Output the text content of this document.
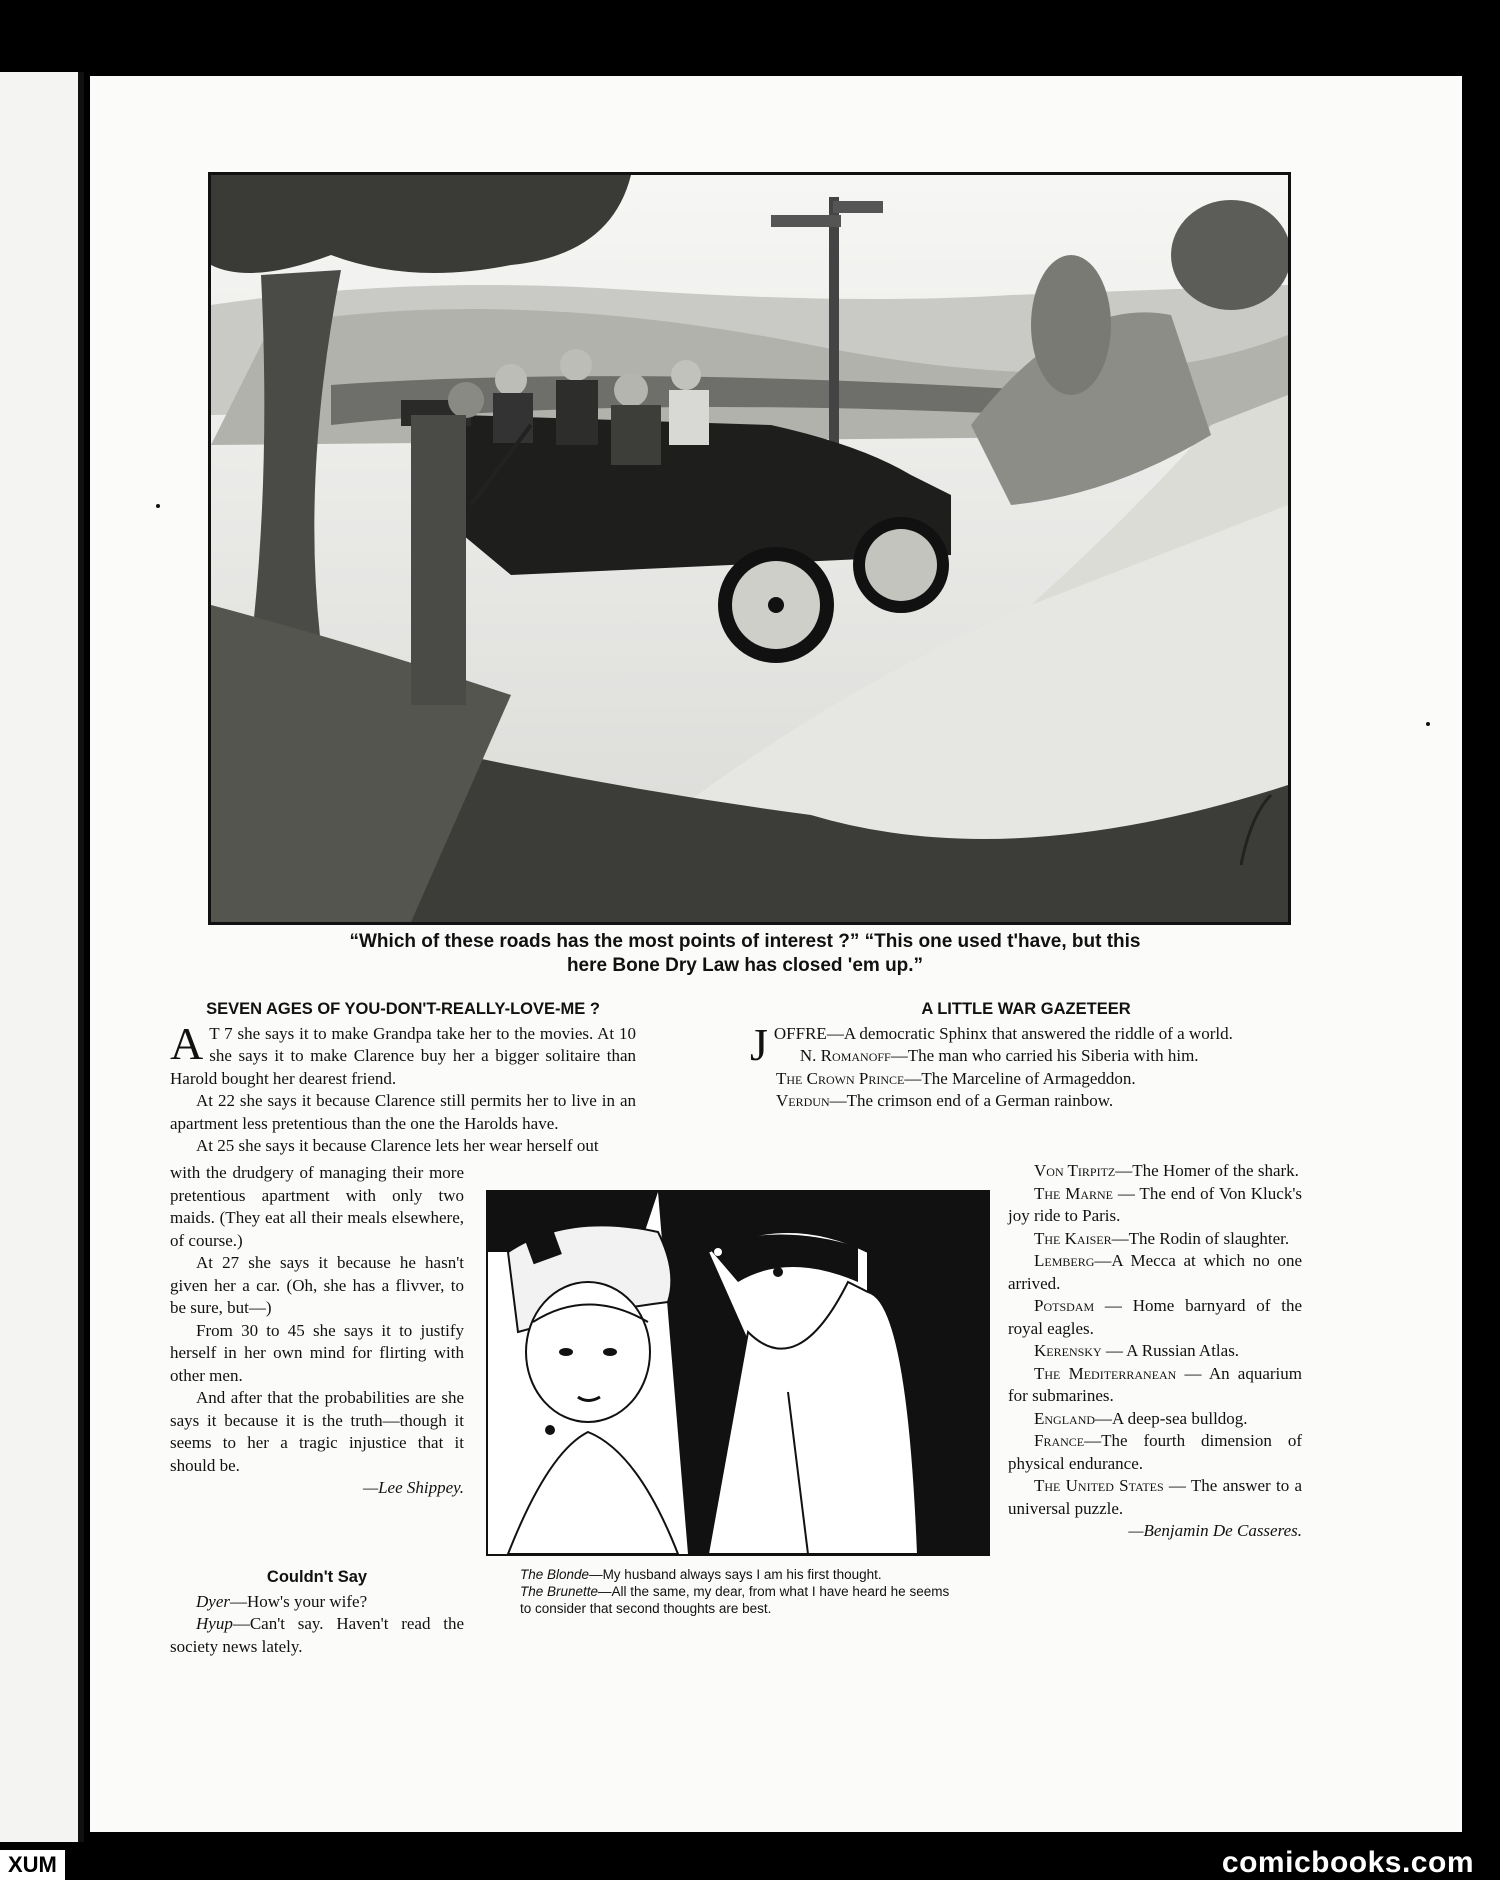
“Which of these roads has the most points of interest ?” “This one used t'have, but this
here Bone Dry Law has closed 'em up.”
SEVEN AGES OF YOU-DON'T-REALLY-LOVE-ME ?

A T 7 she says it to make Grandpa take her to the movies. At 10 she says it to make Clarence buy her a bigger solitaire than Harold bought her dearest friend.

At 22 she says it because Clarence still permits her to live in an apartment less pretentious than the one the Harolds have.

At 25 she says it because Clarence lets her wear herself out

with the drudgery of managing their more pretentious apartment with only two maids. (They eat all their meals elsewhere, of course.)

At 27 she says it because he hasn't given her a car. (Oh, she has a flivver, to be sure, but—)

From 30 to 45 she says it to justify herself in her own mind for flirting with other men.

And after that the probabilities are she says it because it is the truth—though it seems to her a tragic injustice that it should be.

—Lee Shippey.
Couldn't Say

Dyer—How's your wife?

Hyup—Can't say. Haven't read the society news lately.

CR

The Blonde—My husband always says I am his first thought.

The Brunette—All the same, my dear, from what I have heard he seems to consider that second thoughts are best.

A LITTLE WAR GAZETEER

JOFFRE—A democratic Sphinx that answered the riddle of a world.

N. Romanoff—The man who carried his Siberia with him.

The Crown Prince—The Marceline of Armageddon.

Verdun—The crimson end of a German rainbow.

Von Tirpitz—The Homer of the shark.

The Marne — The end of Von Kluck's joy ride to Paris.

The Kaiser—The Rodin of slaughter.

Lemberg—A Mecca at which no one arrived.

Potsdam — Home barnyard of the royal eagles.

Kerensky — A Russian Atlas.

The Mediterranean — An aquarium for submarines.

England—A deep-sea bulldog.

France—The fourth dimension of physical endurance.

The United States — The answer to a universal puzzle.

—Benjamin De Casseres.
comicbooks.com
XUM
